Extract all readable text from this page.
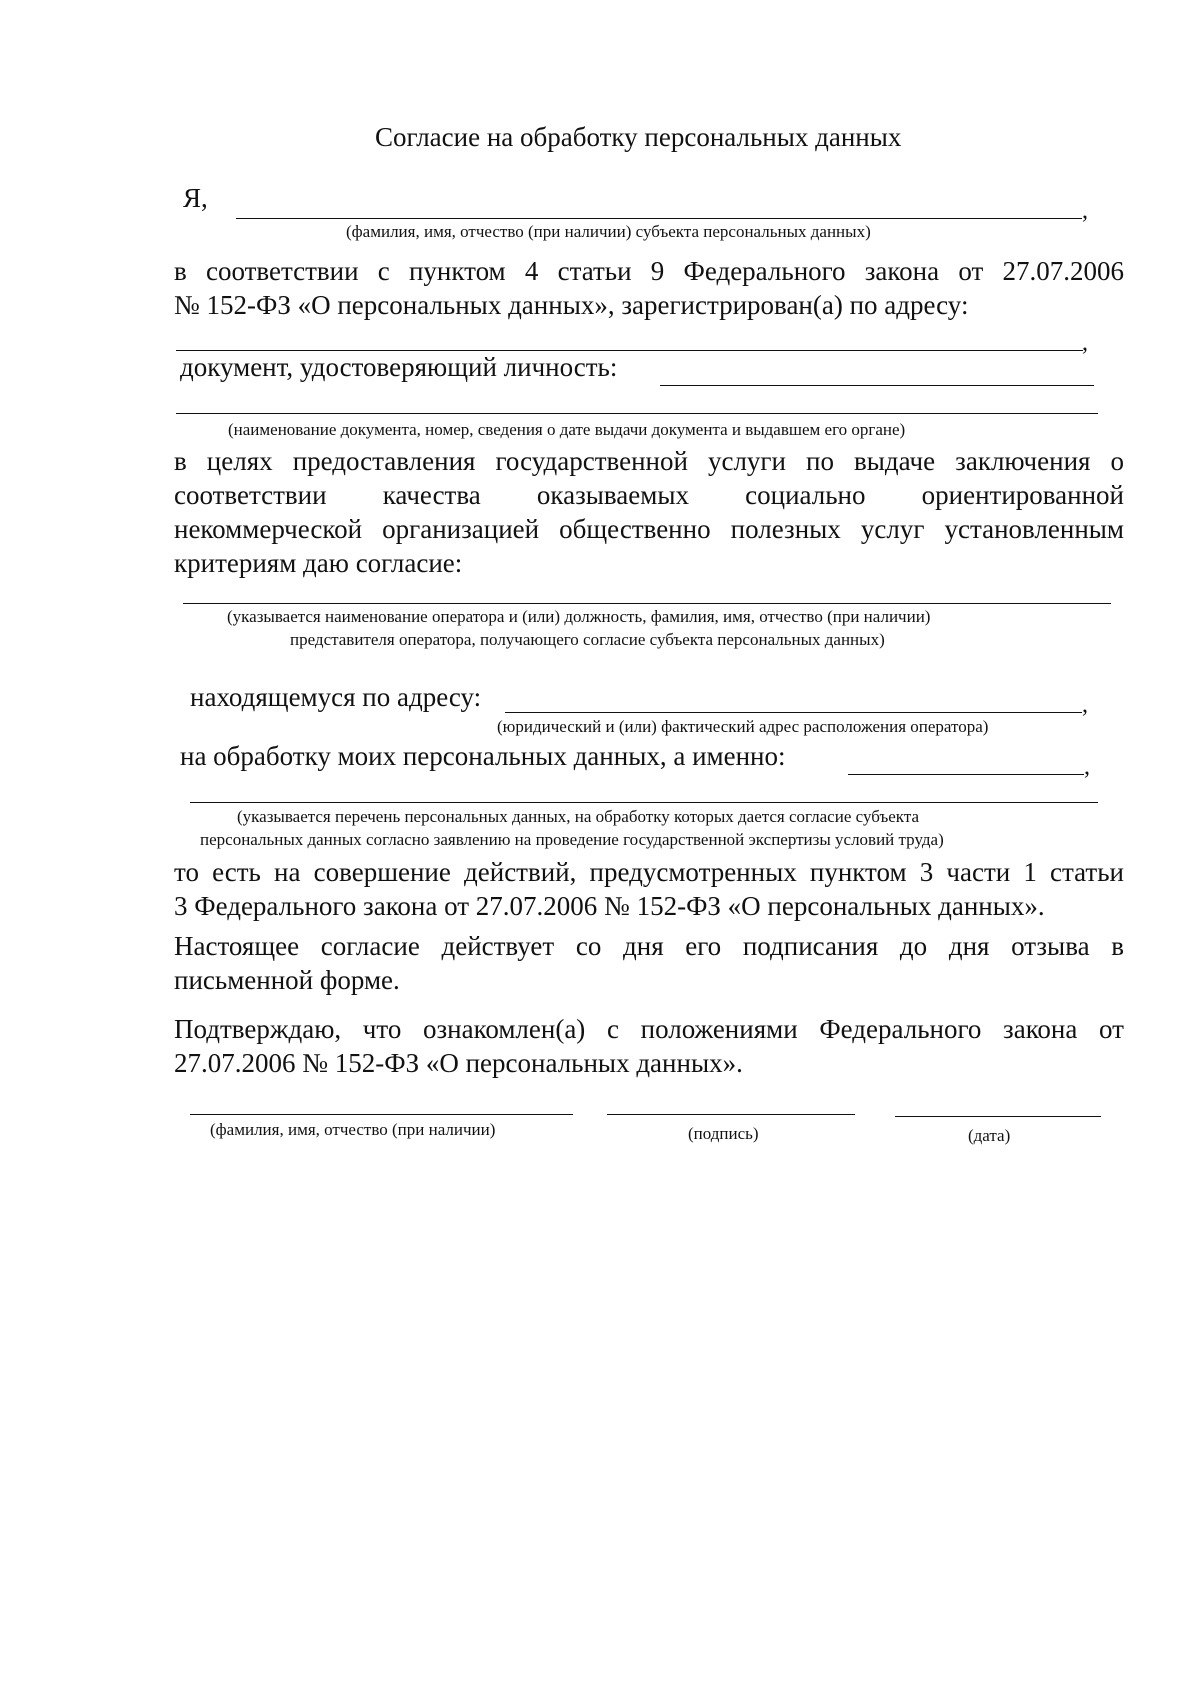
Согласие на обработку персональных данных
Я,	,
(фамилия, имя, отчество (при наличии) субъекта персональных данных)
в соответствии с пунктом 4 статьи 9 Федерального закона от 27.07.2006
№ 152-ФЗ «О персональных данных», зарегистрирован(а) по адресу:
,
документ, удостоверяющий личность:
(наименование документа, номер, сведения о дате выдачи документа и выдавшем его органе)
в целях предоставления государственной услуги по выдаче заключения о
соответствии качества оказываемых социально ориентированной
некоммерческой организацией общественно полезных услуг установленным
критериям даю согласие:
(указывается наименование оператора и (или) должность, фамилия, имя, отчество (при наличии)
представителя оператора, получающего согласие субъекта персональных данных)
находящемуся по адресу:	,
(юридический и (или) фактический адрес расположения оператора)
на обработку моих персональных данных, а именно:	,
(указывается перечень персональных данных, на обработку которых дается согласие субъекта
персональных данных согласно заявлению на проведение государственной экспертизы условий труда)
то есть на совершение действий, предусмотренных пунктом 3 части 1 статьи
3 Федерального закона от 27.07.2006 № 152-ФЗ «О персональных данных».
Настоящее согласие действует со дня его подписания до дня отзыва в
письменной форме.
Подтверждаю, что ознакомлен(а) с положениями Федерального закона от
27.07.2006 № 152-ФЗ «О персональных данных».
(фамилия, имя, отчество (при наличии)	(подпись)	(дата)
